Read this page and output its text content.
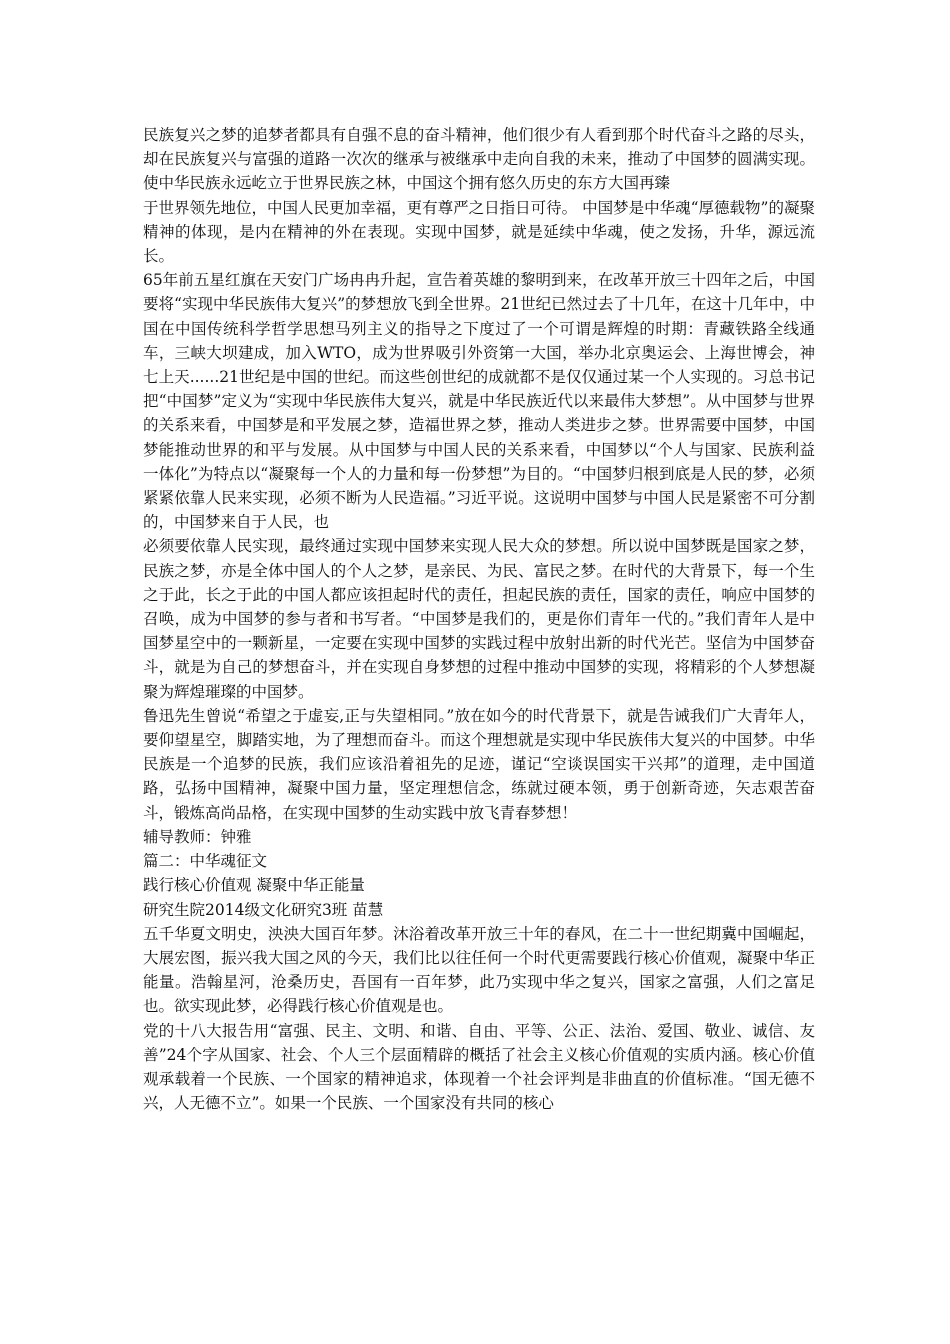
民族复兴之梦的追梦者都具有自强不息的奋斗精神，他们很少有人看到那个时代奋斗之路的尽头，却在民族复兴与富强的道路一次次的继承与被继承中走向自我的未来，推动了中国梦的圆满实现。使中华民族永远屹立于世界民族之林，中国这个拥有悠久历史的东方大国再臻

于世界领先地位，中国人民更加幸福，更有尊严之日指日可待。 中国梦是中华魂“厚德载物”的凝聚精神的体现，是内在精神的外在表现。实现中国梦，就是延续中华魂，使之发扬，升华，源远流长。

65年前五星红旗在天安门广场冉冉升起，宣告着英雄的黎明到来，在改革开放三十四年之后，中国要将“实现中华民族伟大复兴”的梦想放飞到全世界。21世纪已然过去了十几年，在这十几年中，中国在中国传统科学哲学思想马列主义的指导之下度过了一个可谓是辉煌的时期：青藏铁路全线通车，三峡大坝建成，加入WTO，成为世界吸引外资第一大国，举办北京奥运会、上海世博会，神七上天......21世纪是中国的世纪。而这些创世纪的成就都不是仅仅通过某一个人实现的。习总书记把“中国梦”定义为“实现中华民族伟大复兴，就是中华民族近代以来最伟大梦想”。从中国梦与世界的关系来看，中国梦是和平发展之梦，造福世界之梦，推动人类进步之梦。世界需要中国梦，中国梦能推动世界的和平与发展。从中国梦与中国人民的关系来看，中国梦以“个人与国家、民族利益一体化”为特点以“凝聚每一个人的力量和每一份梦想”为目的。“中国梦归根到底是人民的梦，必须紧紧依靠人民来实现，必须不断为人民造福。”习近平说。这说明中国梦与中国人民是紧密不可分割的，中国梦来自于人民，也

必须要依靠人民实现，最终通过实现中国梦来实现人民大众的梦想。所以说中国梦既是国家之梦，民族之梦，亦是全体中国人的个人之梦，是亲民、为民、富民之梦。在时代的大背景下，每一个生之于此，长之于此的中国人都应该担起时代的责任，担起民族的责任，国家的责任，响应中国梦的召唤，成为中国梦的参与者和书写者。“中国梦是我们的，更是你们青年一代的。”我们青年人是中国梦星空中的一颗新星，一定要在实现中国梦的实践过程中放射出新的时代光芒。坚信为中国梦奋斗，就是为自己的梦想奋斗，并在实现自身梦想的过程中推动中国梦的实现，将精彩的个人梦想凝聚为辉煌璀璨的中国梦。

鲁迅先生曾说“希望之于虚妄,正与失望相同。”放在如今的时代背景下，就是告诫我们广大青年人，要仰望星空，脚踏实地，为了理想而奋斗。而这个理想就是实现中华民族伟大复兴的中国梦。中华民族是一个追梦的民族，我们应该沿着祖先的足迹，谨记“空谈误国实干兴邦”的道理，走中国道路，弘扬中国精神，凝聚中国力量，坚定理想信念，练就过硬本领，勇于创新奇迹，矢志艰苦奋斗，锻炼高尚品格，在实现中国梦的生动实践中放飞青春梦想！

辅导教师：钟雅

篇二：中华魂征文

践行核心价值观 凝聚中华正能量

研究生院2014级文化研究3班 苗慧

五千华夏文明史，泱泱大国百年梦。沐浴着改革开放三十年的春风，在二十一世纪期冀中国崛起，大展宏图，振兴我大国之风的今天，我们比以往任何一个时代更需要践行核心价值观，凝聚中华正能量。浩翰星河，沧桑历史，吾国有一百年梦，此乃实现中华之复兴，国家之富强，人们之富足也。欲实现此梦，必得践行核心价值观是也。

党的十八大报告用“富强、民主、文明、和谐、自由、平等、公正、法治、爱国、敬业、诚信、友善”24个字从国家、社会、个人三个层面精辟的概括了社会主义核心价值观的实质内涵。核心价值观承载着一个民族、一个国家的精神追求，体现着一个社会评判是非曲直的价值标准。“国无德不兴，人无德不立”。如果一个民族、一个国家没有共同的核心
